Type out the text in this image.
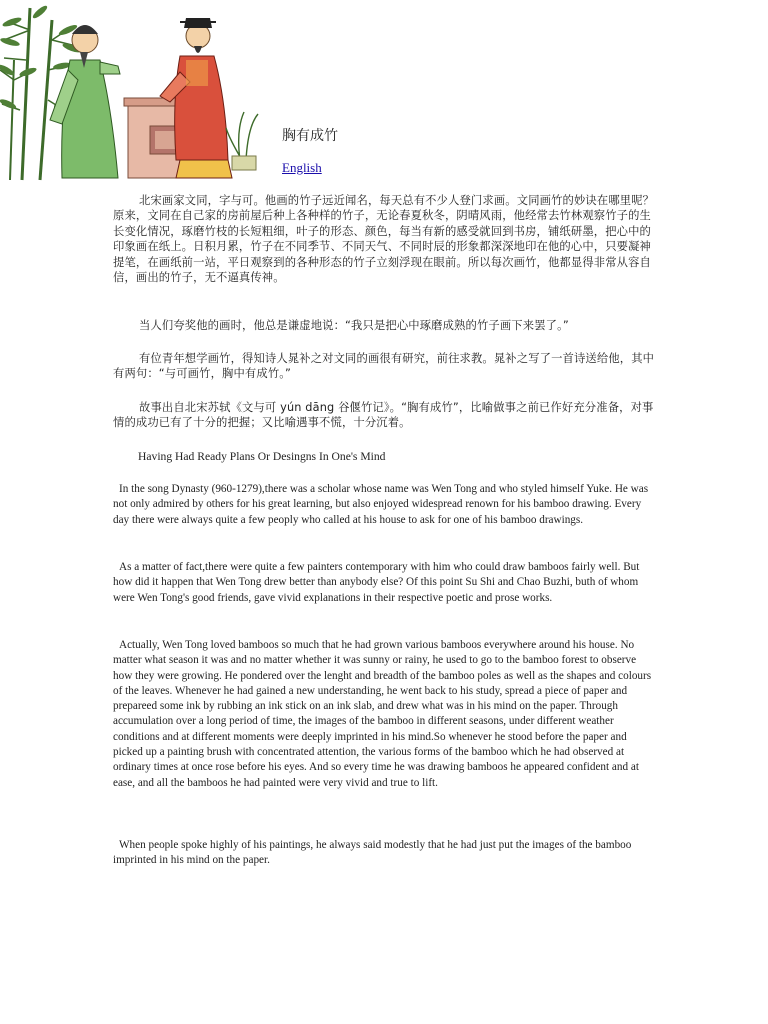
胸有成竹
English

北宋画家文同，字与可。他画的竹子远近闻名，每天总有不少人登门求画。文同画竹的妙诀在哪里呢？原来，文同在自己家的房前屋后种上各种样的竹子，无论春夏秋冬，阴晴风雨，他经常去竹林观察竹子的生长变化情况，琢磨竹枝的长短粗细，叶子的形态、颜色，每当有新的感受就回到书房，铺纸研墨，把心中的印象画在纸上。日积月累，竹子在不同季节、不同天气、不同时辰的形象都深深地印在他的心中，只要凝神提笔，在画纸前一站，平日观察到的各种形态的竹子立刻浮现在眼前。所以每次画竹，他都显得非常从容自信，画出的竹子，无不逼真传神。

当人们夸奖他的画时，他总是谦虚地说：“我只是把心中琢磨成熟的竹子画下来罢了。”

有位青年想学画竹，得知诗人晁补之对文同的画很有研究，前往求教。晁补之写了一首诗送给他，其中有两句：“与可画竹，胸中有成竹。”

故事出自北宋苏轼《文与可 yún dāng 谷偃竹记》。“胸有成竹”，比喻做事之前已作好充分准备，对事情的成功已有了十分的把握；又比喻遇事不慌，十分沉着。

Having Had Ready Plans Or Desingns In One's Mind

In the song Dynasty (960-1279),there was a scholar whose name was Wen Tong and who styled himself Yuke. He was not only admired by others for his great learning, but also enjoyed widespread renown for his bamboo drawing. Every day there were always quite a few peoply who called at his house to ask for one of his bamboo drawings.

As a matter of fact,there were quite a few painters contemporary with him who could draw bamboos fairly well. But how did it happen that Wen Tong drew better than anybody else? Of this point Su Shi and Chao Buzhi, buth of whom were Wen Tong's good friends, gave vivid explanations in their respective poetic and prose works.

Actually, Wen Tong loved bamboos so much that he had grown various bamboos everywhere around his house. No matter what season it was and no matter whether it was sunny or rainy, he used to go to the bamboo forest to observe how they were growing. He pondered over the lenght and breadth of the bamboo poles as well as the shapes and colours of the leaves. Whenever he had gained a new understanding, he went back to his study, spread a piece of paper and prepareed some ink by rubbing an ink stick on an ink slab, and drew what was in his mind on the paper. Through accumulation over a long period of time, the images of the bamboo in different seasons, under different weather conditions and at different moments were deeply imprinted in his mind.So whenever he stood before the paper and picked up a painting brush with concentrated attention, the various forms of the bamboo which he had observed at ordinary times at once rose before his eyes. And so every time he was drawing bamboos he appeared confident and at ease, and all the bamboos he had painted were very vivid and true to lift.

When people spoke highly of his paintings, he always said modestly that he had just put the images of the bamboo imprinted in his mind on the paper.
